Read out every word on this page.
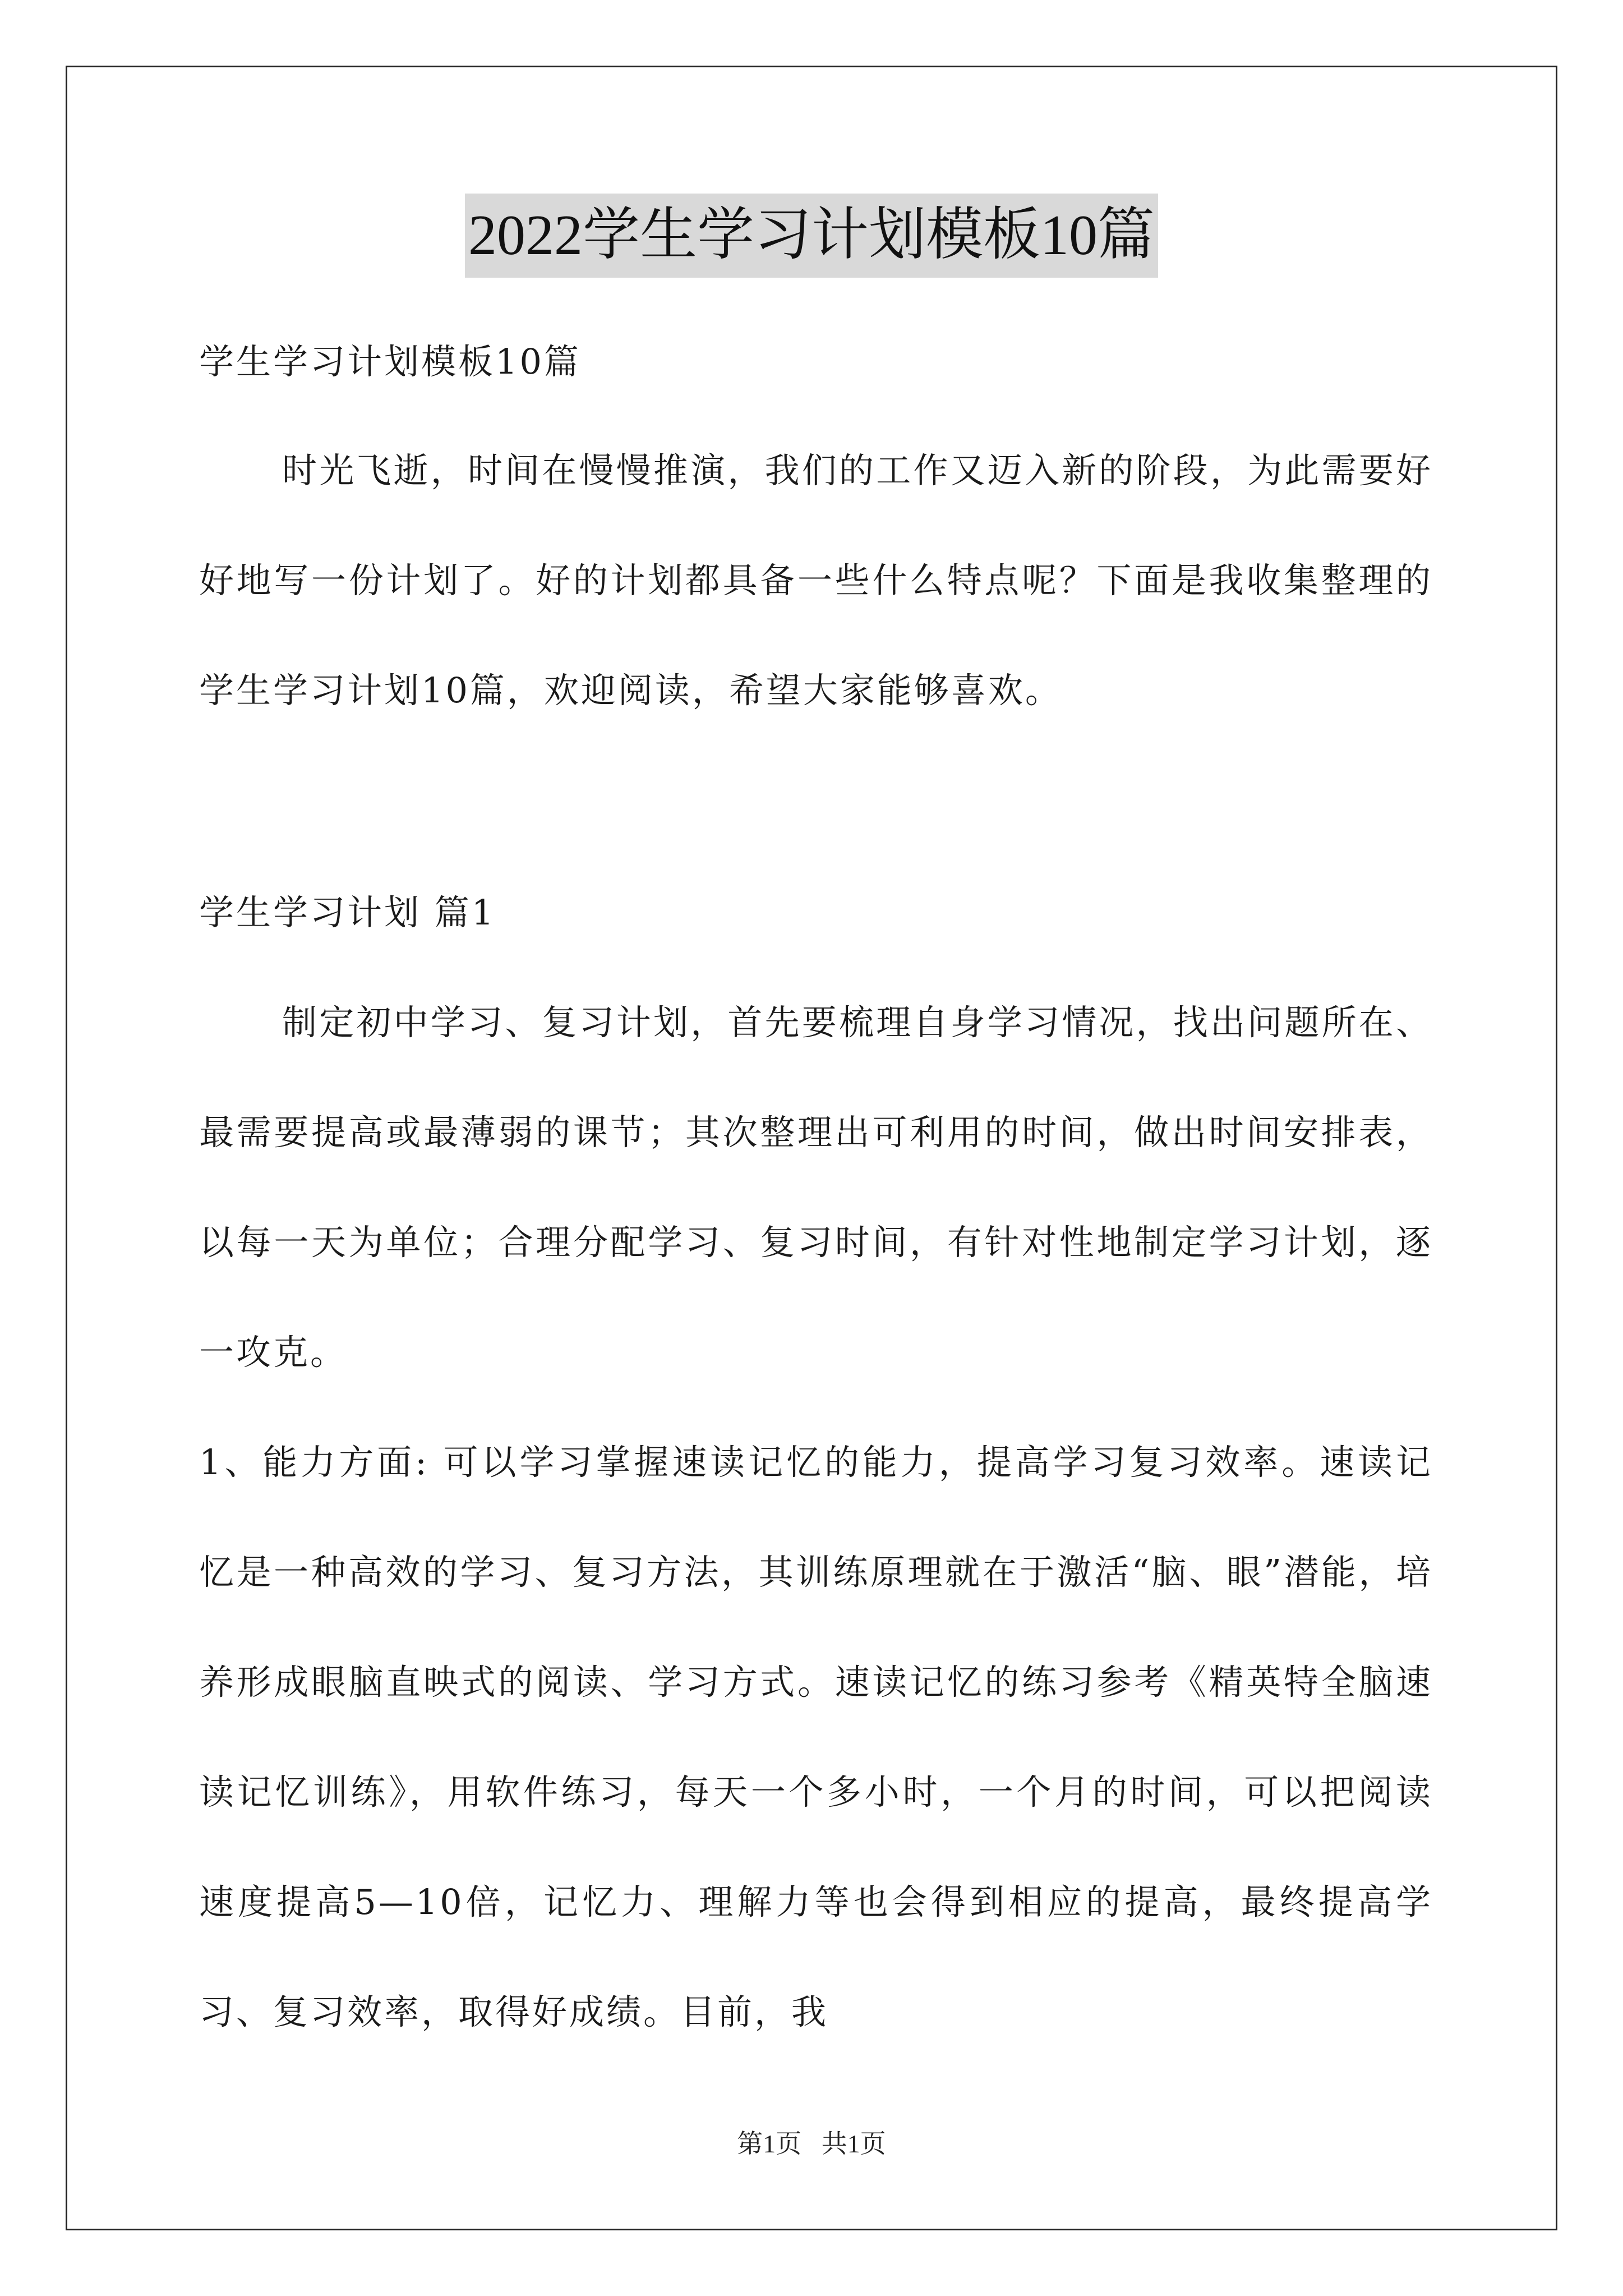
2022学生学习计划模板10篇
学生学习计划模板10篇
时光飞逝，时间在慢慢推演，我们的工作又迈入新的阶段，为此需要好好地写一份计划了。好的计划都具备一些什么特点呢？下面是我收集整理的学生学习计划10篇，欢迎阅读，希望大家能够喜欢。
学生学习计划 篇1
制定初中学习、复习计划，首先要梳理自身学习情况，找出问题所在、最需要提高或最薄弱的课节；其次整理出可利用的时间，做出时间安排表，以每一天为单位；合理分配学习、复习时间，有针对性地制定学习计划，逐一攻克。
1、能力方面: 可以学习掌握速读记忆的能力，提高学习复习效率。速读记忆是一种高效的学习、复习方法，其训练原理就在于激活“脑、眼”潜能，培养形成眼脑直映式的阅读、学习方式。速读记忆的练习参考《精英特全脑速读记忆训练》，用软件练习，每天一个多小时，一个月的时间，可以把阅读速度提高5—10倍，记忆力、理解力等也会得到相应的提高，最终提高学习、复习效率，取得好成绩。目前，我
第1页 共1页
